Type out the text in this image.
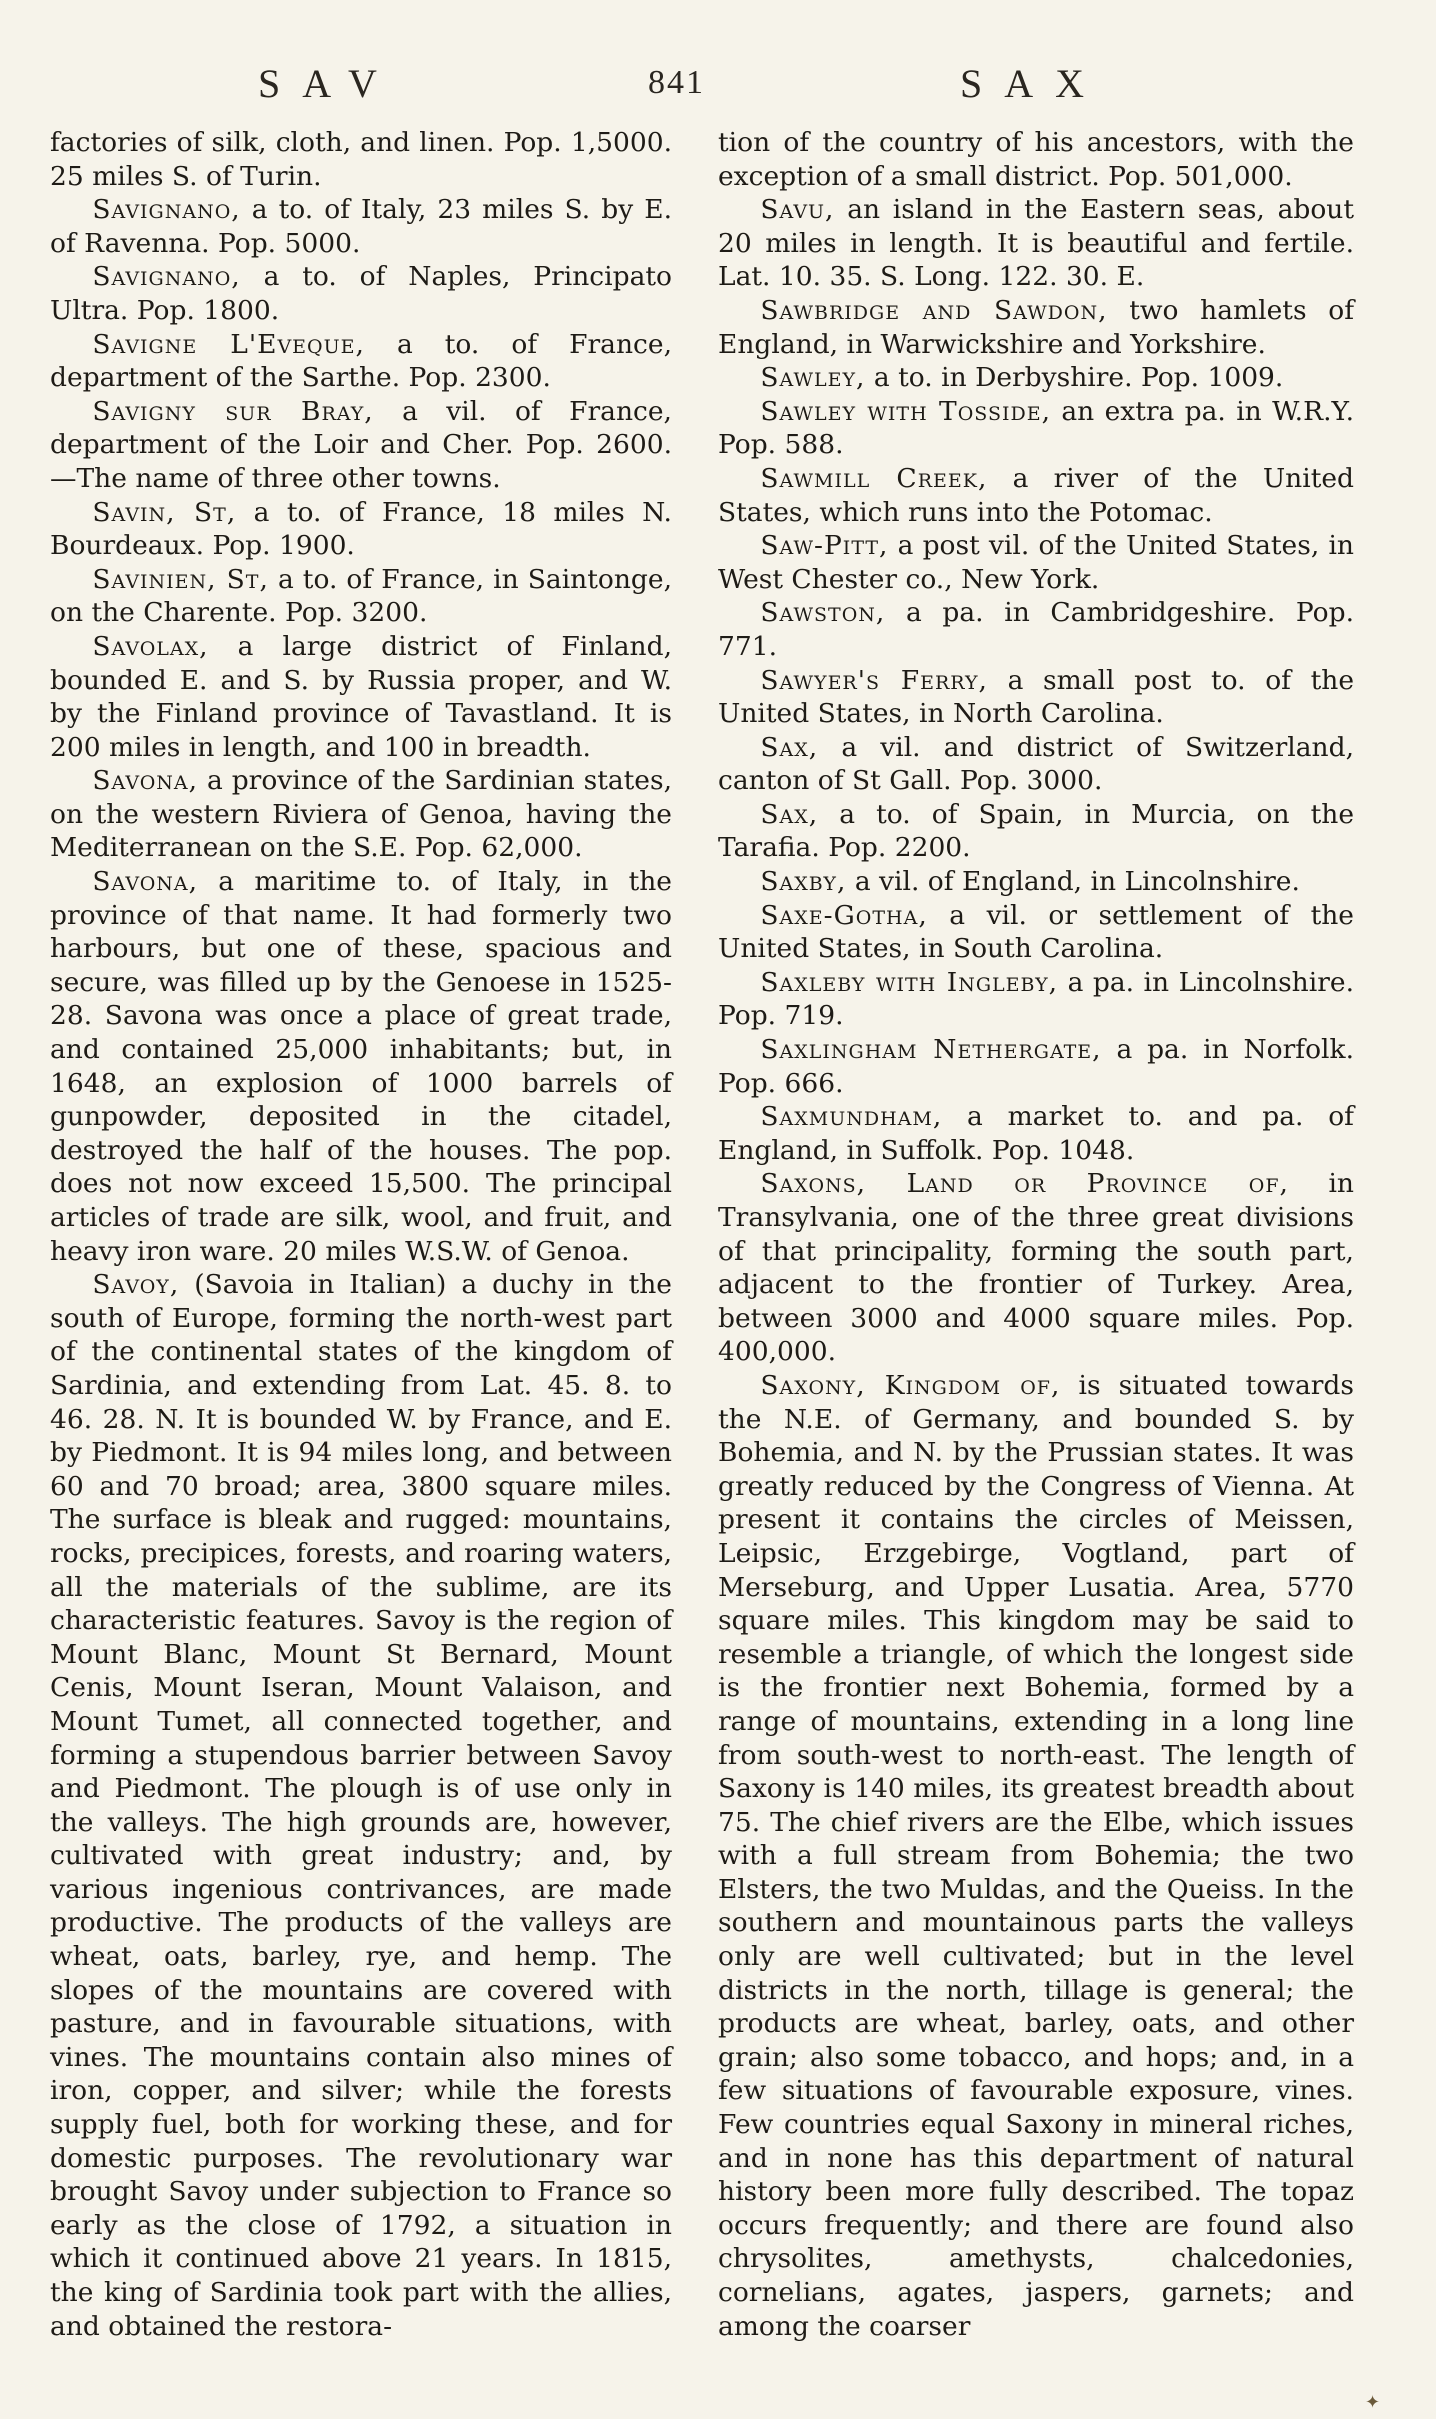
SAV	841	SAX

factories of silk, cloth, and linen. Pop. 1,5000. 25 miles S. of Turin.

Savignano, a to. of Italy, 23 miles S. by E. of Ravenna. Pop. 5000.

Savignano, a to. of Naples, Principato Ultra. Pop. 1800.

Savigne L'Eveque, a to. of France, department of the Sarthe. Pop. 2300.

Savigny sur Bray, a vil. of France, department of the Loir and Cher. Pop. 2600. —The name of three other towns.

Savin, St, a to. of France, 18 miles N. Bourdeaux. Pop. 1900.

Savinien, St, a to. of France, in Saintonge, on the Charente. Pop. 3200.

Savolax, a large district of Finland, bounded E. and S. by Russia proper, and W. by the Finland province of Tavastland. It is 200 miles in length, and 100 in breadth.

Savona, a province of the Sardinian states, on the western Riviera of Genoa, having the Mediterranean on the S.E. Pop. 62,000.

Savona, a maritime to. of Italy, in the province of that name. It had formerly two harbours, but one of these, spacious and secure, was filled up by the Genoese in 1525-28. Savona was once a place of great trade, and contained 25,000 inhabitants; but, in 1648, an explosion of 1000 barrels of gunpowder, deposited in the citadel, destroyed the half of the houses. The pop. does not now exceed 15,500. The principal articles of trade are silk, wool, and fruit, and heavy iron ware. 20 miles W.S.W. of Genoa.

Savoy, (Savoia in Italian) a duchy in the south of Europe, forming the north-west part of the continental states of the kingdom of Sardinia, and extending from Lat. 45. 8. to 46. 28. N. It is bounded W. by France, and E. by Piedmont. It is 94 miles long, and between 60 and 70 broad; area, 3800 square miles. The surface is bleak and rugged: mountains, rocks, precipices, forests, and roaring waters, all the materials of the sublime, are its characteristic features. Savoy is the region of Mount Blanc, Mount St Bernard, Mount Cenis, Mount Iseran, Mount Valaison, and Mount Tumet, all connected together, and forming a stupendous barrier between Savoy and Piedmont. The plough is of use only in the valleys. The high grounds are, however, cultivated with great industry; and, by various ingenious contrivances, are made productive. The products of the valleys are wheat, oats, barley, rye, and hemp. The slopes of the mountains are covered with pasture, and in favourable situations, with vines. The mountains contain also mines of iron, copper, and silver; while the forests supply fuel, both for working these, and for domestic purposes. The revolutionary war brought Savoy under subjection to France so early as the close of 1792, a situation in which it continued above 21 years. In 1815, the king of Sardinia took part with the allies, and obtained the restora-

tion of the country of his ancestors, with the exception of a small district. Pop. 501,000.

Savu, an island in the Eastern seas, about 20 miles in length. It is beautiful and fertile. Lat. 10. 35. S. Long. 122. 30. E.

Sawbridge and Sawdon, two hamlets of England, in Warwickshire and Yorkshire.

Sawley, a to. in Derbyshire. Pop. 1009.

Sawley with Tosside, an extra pa. in W.R.Y. Pop. 588.

Sawmill Creek, a river of the United States, which runs into the Potomac.

Saw-Pitt, a post vil. of the United States, in West Chester co., New York.

Sawston, a pa. in Cambridgeshire. Pop. 771.

Sawyer's Ferry, a small post to. of the United States, in North Carolina.

Sax, a vil. and district of Switzerland, canton of St Gall. Pop. 3000.

Sax, a to. of Spain, in Murcia, on the Tarafia. Pop. 2200.

Saxby, a vil. of England, in Lincolnshire.

Saxe-Gotha, a vil. or settlement of the United States, in South Carolina.

Saxleby with Ingleby, a pa. in Lincolnshire. Pop. 719.

Saxlingham Nethergate, a pa. in Norfolk. Pop. 666.

Saxmundham, a market to. and pa. of England, in Suffolk. Pop. 1048.

Saxons, Land or Province of, in Transylvania, one of the three great divisions of that principality, forming the south part, adjacent to the frontier of Turkey. Area, between 3000 and 4000 square miles. Pop. 400,000.

Saxony, Kingdom of, is situated towards the N.E. of Germany, and bounded S. by Bohemia, and N. by the Prussian states. It was greatly reduced by the Congress of Vienna. At present it contains the circles of Meissen, Leipsic, Erzgebirge, Vogtland, part of Merseburg, and Upper Lusatia. Area, 5770 square miles. This kingdom may be said to resemble a triangle, of which the longest side is the frontier next Bohemia, formed by a range of mountains, extending in a long line from south-west to north-east. The length of Saxony is 140 miles, its greatest breadth about 75. The chief rivers are the Elbe, which issues with a full stream from Bohemia; the two Elsters, the two Muldas, and the Queiss. In the southern and mountainous parts the valleys only are well cultivated; but in the level districts in the north, tillage is general; the products are wheat, barley, oats, and other grain; also some tobacco, and hops; and, in a few situations of favourable exposure, vines. Few countries equal Saxony in mineral riches, and in none has this department of natural history been more fully described. The topaz occurs frequently; and there are found also chrysolites, amethysts, chalcedonies, cornelians, agates, jaspers, garnets; and among the coarser

✦
